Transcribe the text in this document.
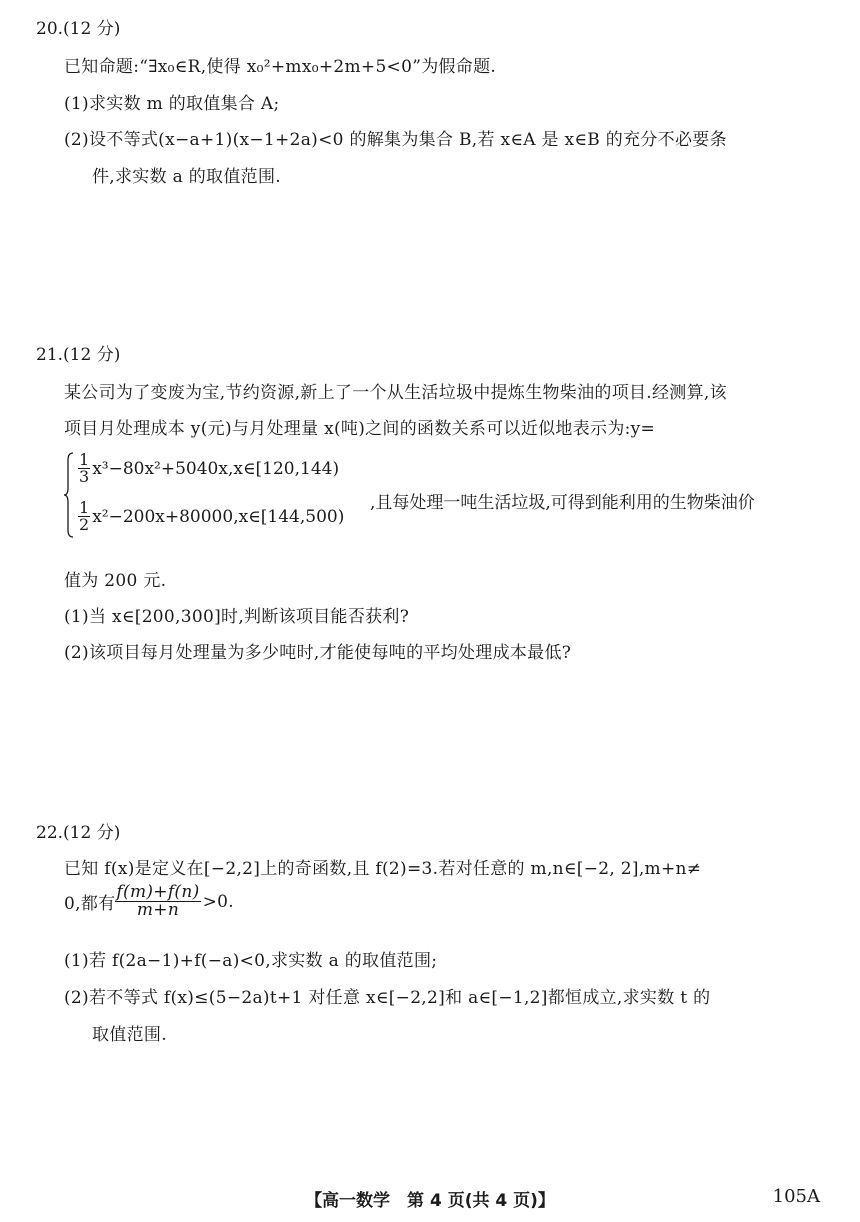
20.(12 分)
已知命题:“∃x₀∈R,使得 x₀²+mx₀+2m+5<0”为假命题.
(1)求实数 m 的取值集合 A;
(2)设不等式(x−a+1)(x−1+2a)<0 的解集为集合 B,若 x∈A 是 x∈B 的充分不必要条
件,求实数 a 的取值范围.
21.(12 分)
某公司为了变废为宝,节约资源,新上了一个从生活垃圾中提炼生物柴油的项目.经测算,该
项目月处理成本 y(元)与月处理量 x(吨)之间的函数关系可以近似地表示为:y=
$\frac{1}{3}$ x³−80x²+5040x,x∈[120,144)
$\frac{1}{2}$ x²−200x+80000,x∈[144,500)
,且每处理一吨生活垃圾,可得到能利用的生物柴油价
值为 200 元.
(1)当 x∈[200,300]时,判断该项目能否获利?
(2)该项目每月处理量为多少吨时,才能使每吨的平均处理成本最低?
22.(12 分)
已知 f(x)是定义在[−2,2]上的奇函数,且 f(2)=3.若对任意的 m,n∈[−2, 2],m+n≠
0,都有 $\frac{f(m)+f(n)}{m+n} >0$.
(1)若 f(2a−1)+f(−a)<0,求实数 a 的取值范围;
(2)若不等式 f(x)≤(5−2a)t+1 对任意 x∈[−2,2]和 a∈[−1,2]都恒成立,求实数 t 的
取值范围.
【高一数学　第 4 页(共 4 页)】	105A
